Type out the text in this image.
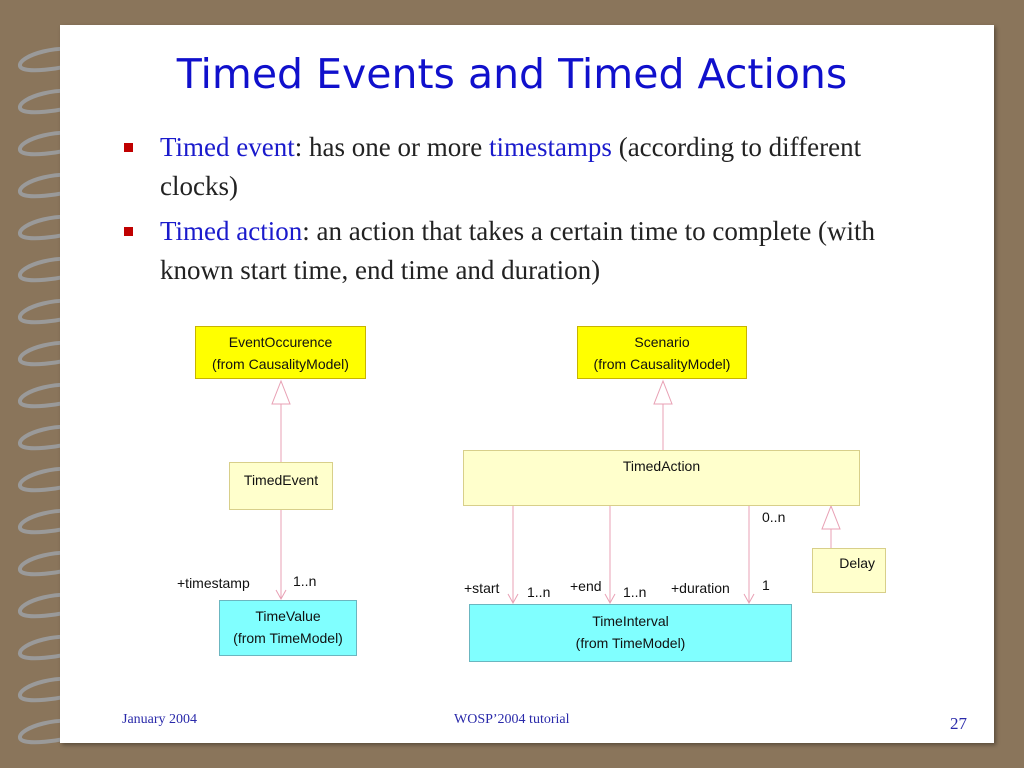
Timed Events and Timed Actions
Timed event: has one or more timestamps (according to different clocks)
Timed action: an action that takes a certain time to complete (with known start time, end time and duration)
EventOccurence
(from CausalityModel)
Scenario
(from CausalityModel)
TimedEvent
TimedAction
Delay
TimeValue
(from TimeModel)
TimeInterval
(from TimeModel)
+timestamp	1..n	+start 1..n +end 1..n +duration 1
0..n
January 2004	WOSP’2004 tutorial	27
